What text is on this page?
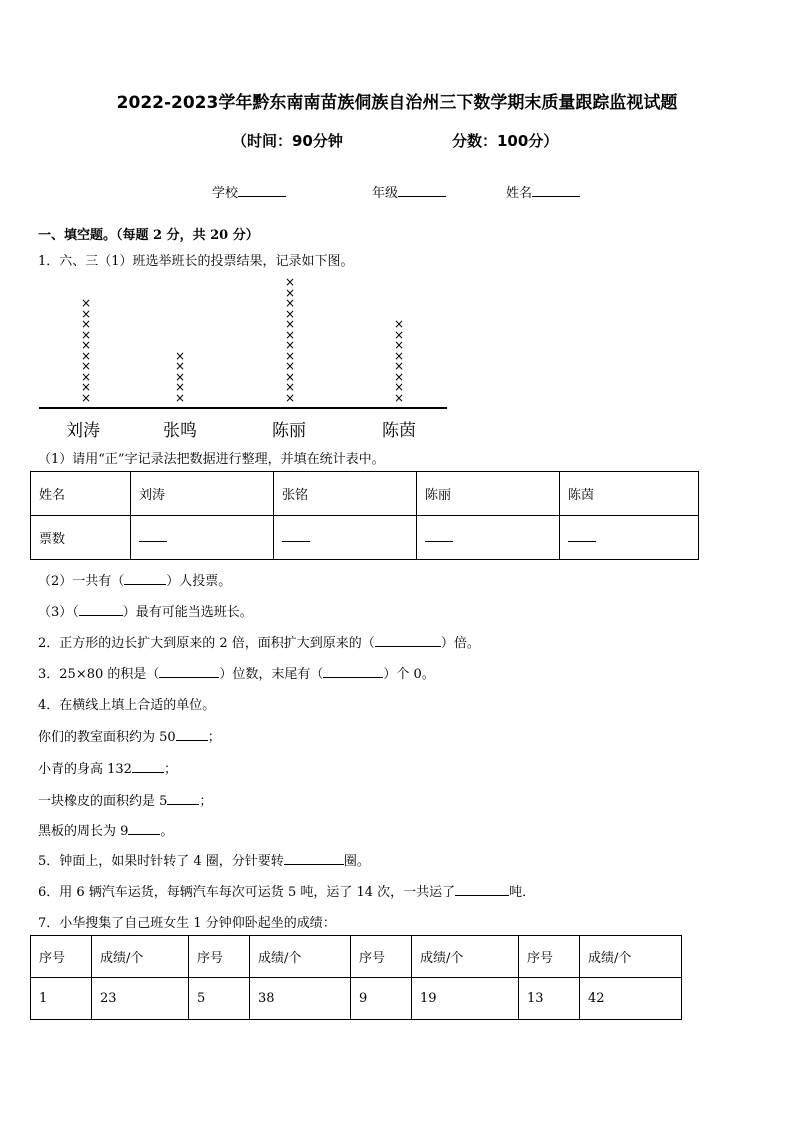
2022-2023学年黔东南南苗族侗族自治州三下数学期末质量跟踪监视试题
（时间：90分钟	分数：100分）
学校	年级	姓名
一、填空题。（每题 2 分，共 20 分）
1．六、三（1）班选举班长的投票结果，记录如下图。
×
×
×
×
×
×
×
×
×
×
×
×
×
×
×
×
×
×
×
×
×
×
×
×
×
×
×
×
×
×
×
×
×
×
×
刘涛	张鸣	陈丽	陈茵
（1）请用“正”字记录法把数据进行整理，并填在统计表中。
姓名	刘涛	张铭	陈丽	陈茵
票数				
（2）一共有（	）人投票。
（3）（	）最有可能当选班长。
2．正方形的边长扩大到原来的 2 倍，面积扩大到原来的（	）倍。
3．25×80 的积是（	）位数，末尾有（	）个 0。
4．在横线上填上合适的单位。
你们的教室面积约为 50 ；
小青的身高 132 ；
一块橡皮的面积约是 5 ；
黑板的周长为 9 。
5．钟面上，如果时针转了 4 圈，分针要转	圈。
6．用 6 辆汽车运货，每辆汽车每次可运货 5 吨，运了 14 次，一共运了	吨．
7．小华搜集了自己班女生 1 分钟仰卧起坐的成绩：
序号	成绩/个	序号	成绩/个	序号	成绩/个	序号	成绩/个
1	23	5	38	9	19	13	42
